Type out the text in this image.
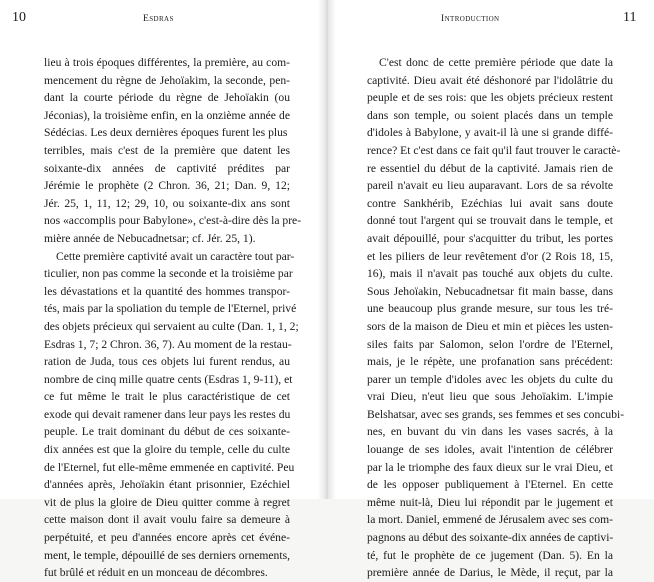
10	Esdras
lieu à trois époques différentes, la première, au com-
mencement du règne de Jehoïakim, la seconde, pen-
dant la courte période du règne de Jehoïakin (ou
Jéconias), la troisième enfin, en la onzième année de
Sédécias. Les deux dernières époques furent les plus
terribles, mais c'est de la première que datent les
soixante-dix années de captivité prédites par
Jérémie le prophète (2 Chron. 36, 21; Dan. 9, 12;
Jér. 25, 1, 11, 12; 29, 10, ou soixante-dix ans sont
nos «accomplis pour Babylone», c'est-à-dire dès la pre-
mière année de Nebucadnetsar; cf. Jér. 25, 1).
Cette première captivité avait un caractère tout par-
ticulier, non pas comme la seconde et la troisième par
les dévastations et la quantité des hommes transpor-
tés, mais par la spoliation du temple de l'Eternel, privé
des objets précieux qui servaient au culte (Dan. 1, 1, 2;
Esdras 1, 7; 2 Chron. 36, 7). Au moment de la restau-
ration de Juda, tous ces objets lui furent rendus, au
nombre de cinq mille quatre cents (Esdras 1, 9-11), et
ce fut même le trait le plus caractéristique de cet
exode qui devait ramener dans leur pays les restes du
peuple. Le trait dominant du début de ces soixante-
dix années est que la gloire du temple, celle du culte
de l'Eternel, fut elle-même emmenée en captivité. Peu
d'années après, Jehoïakin étant prisonnier, Ezéchiel
vit de plus la gloire de Dieu quitter comme à regret
cette maison dont il avait voulu faire sa demeure à
perpétuité, et peu d'années encore après cet événe-
ment, le temple, dépouillé de ses derniers ornements,
fut brûlé et réduit en un monceau de décombres.
Introduction	11
C'est donc de cette première période que date la
captivité. Dieu avait été déshonoré par l'idolâtrie du
peuple et de ses rois: que les objets précieux restent
dans son temple, ou soient placés dans un temple
d'idoles à Babylone, y avait-il là une si grande diffé-
rence? Et c'est dans ce fait qu'il faut trouver le caractè-
re essentiel du début de la captivité. Jamais rien de
pareil n'avait eu lieu auparavant. Lors de sa révolte
contre Sankhérib, Ezéchias lui avait sans doute
donné tout l'argent qui se trouvait dans le temple, et
avait dépouillé, pour s'acquitter du tribut, les portes
et les piliers de leur revêtement d'or (2 Rois 18, 15,
16), mais il n'avait pas touché aux objets du culte.
Sous Jehoïakin, Nebucadnetsar fit main basse, dans
une beaucoup plus grande mesure, sur tous les tré-
sors de la maison de Dieu et min et pièces les usten-
siles faits par Salomon, selon l'ordre de l'Eternel,
mais, je le répète, une profanation sans précédent:
parer un temple d'idoles avec les objets du culte du
vrai Dieu, n'eut lieu que sous Jehoïakim. L'impie
Belshatsar, avec ses grands, ses femmes et ses concubi-
nes, en buvant du vin dans les vases sacrés, à la
louange de ses idoles, avait l'intention de célébrer
par la le triomphe des faux dieux sur le vrai Dieu, et
de les opposer publiquement à l'Eternel. En cette
même nuit-là, Dieu lui répondit par le jugement et
la mort. Daniel, emmené de Jérusalem avec ses com-
pagnons au début des soixante-dix années de captivi-
té, fut le prophète de ce jugement (Dan. 5). En la
première année de Darius, le Mède, il reçut, par la
